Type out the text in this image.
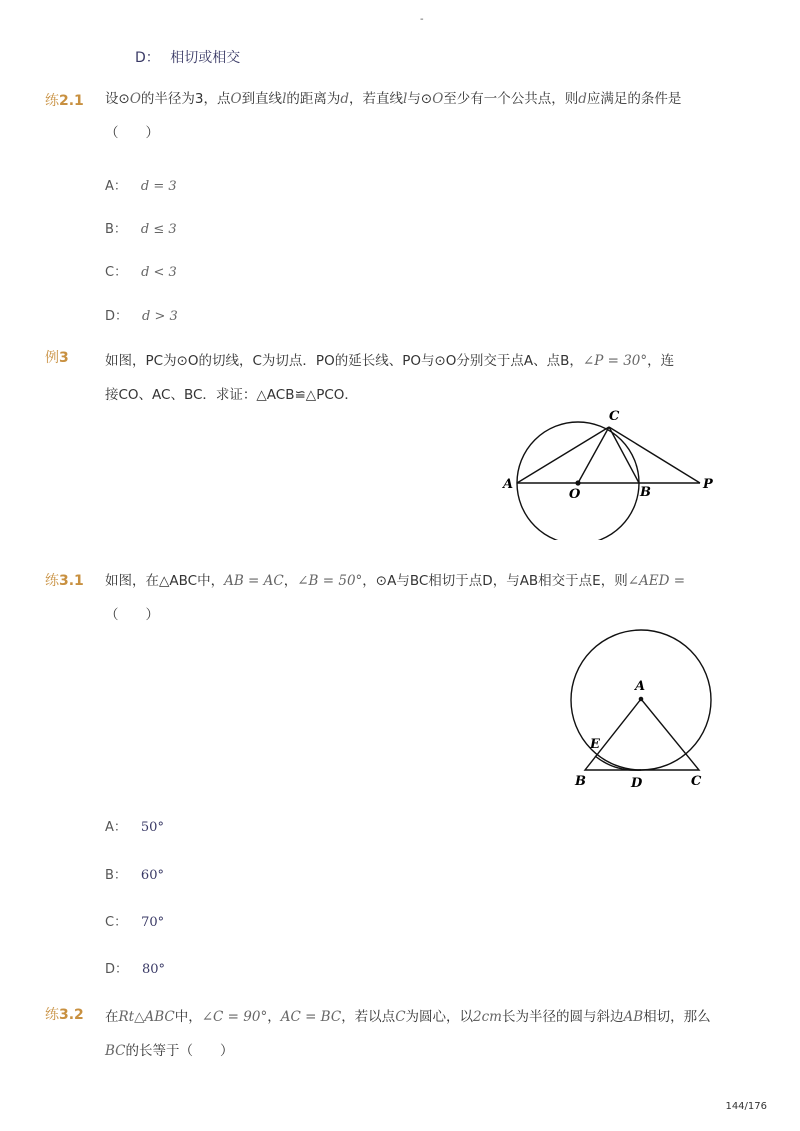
-
D： 相切或相交
练2.1 设⊙O的半径为3，点O到直线l的距离为d，若直线l与⊙O至少有一个公共点，则d应满足的条件是
（　　）
A： d = 3
B： d ≤ 3
C： d < 3
D： d > 3
例3	如图，PC为⊙O的切线，C为切点．PO的延长线、PO与⊙O分别交于点A、点B，∠P = 30°，连
接CO、AC、BC．求证：△ACB≌△PCO．
A
O	B
P
C
练3.1 如图，在△ABC中，AB = AC，∠B = 50°，⊙A与BC相切于点D，与AB相交于点E，则∠AED =
（　　）
A
E
B	D	C
A： 50°
B： 60°
C： 70°
D： 80°
练3.2 在Rt△ABC中，∠C = 90°，AC = BC，若以点C为圆心，以2cm长为半径的圆与斜边AB相切，那么
BC的长等于（　　）
144/176
